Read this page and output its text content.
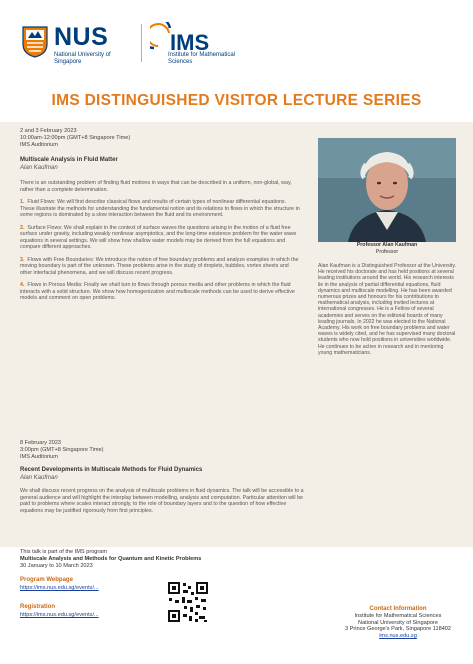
NUS
National University of Singapore
IMS
Institute for Mathematical Sciences
IMS DISTINGUISHED VISITOR LECTURE SERIES
2 and 3 February 2023
10:00am-12:00pm (GMT+8 Singapore Time)
IMS Auditorium
Multiscale Analysis in Fluid Matter
Alan Kaufman

There is an outstanding problem of finding fluid motions in ways that can be described in a uniform, non-global, way, rather than a complete determination.

1. Fluid Flows: We will first describe classical flows and results of certain types of nonlinear differential equations. These illustrate the methods for understanding the fundamental notion and its relations to flows in which the structure in some regions is dominated by a slow interaction between the fluid and its environment.

2. Surface Flows: We shall explain in the context of surface waves the questions arising in the motion of a fluid free surface under gravity, including weakly nonlinear asymptotics, and the long-time existence problem for the water wave equations in several settings. We will show how shallow water models may be derived from the full equations and compare different approaches.

3. Flows with Free Boundaries: We introduce the notion of free boundary problems and analyze examples in which the moving boundary is part of the unknown. These problems arise in the study of droplets, bubbles, vortex sheets and other interfacial phenomena, and we will discuss recent progress.

4. Flows in Porous Media: Finally we shall turn to flows through porous media and other problems in which the fluid interacts with a solid structure. We show how homogenization and multiscale methods can be used to derive effective models and comment on open problems.

8 February 2023
3:00pm (GMT+8 Singapore Time)
IMS Auditorium
Recent Developments in Multiscale Methods for Fluid Dynamics
Alan Kaufman

We shall discuss recent progress on the analysis of multiscale problems in fluid dynamics. The talk will be accessible to a general audience and will highlight the interplay between modelling, analysis and computation. Particular attention will be paid to problems where scales interact strongly, to the role of boundary layers and to the question of how effective equations may be justified rigorously from first principles.

Professor Alan Kaufman
Professor

Alan Kaufman is a Distinguished Professor at the University. He received his doctorate and has held positions at several leading institutions around the world. His research interests lie in the analysis of partial differential equations, fluid dynamics and multiscale modelling. He has been awarded numerous prizes and honours for his contributions to mathematical analysis, including invited lectures at international congresses. He is a Fellow of several academies and serves on the editorial boards of many leading journals. In 2022 he was elected to the National Academy. His work on free boundary problems and water waves is widely cited, and he has supervised many doctoral students who now hold positions in universities worldwide. He continues to be active in research and in mentoring young mathematicians.

This talk is part of the IMS program
Multiscale Analysis and Methods for Quantum and Kinetic Problems
30 January to 10 March 2023
Program Webpage
https://ims.nus.edu.sg/events/...
Registration
https://ims.nus.edu.sg/events/...
Contact Information
Institute for Mathematical Sciences
National University of Singapore
3 Prince George's Park, Singapore 118402
ims.nus.edu.sg
